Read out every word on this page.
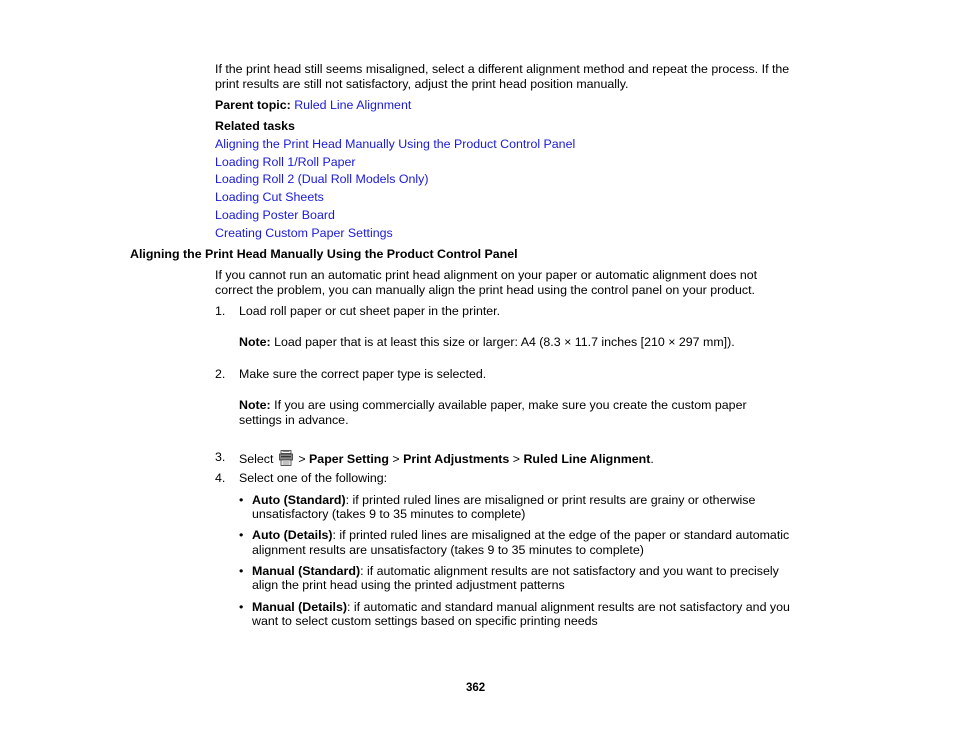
If the print head still seems misaligned, select a different alignment method and repeat the process. If the
print results are still not satisfactory, adjust the print head position manually.
Parent topic: Ruled Line Alignment
Related tasks
Aligning the Print Head Manually Using the Product Control Panel
Loading Roll 1/Roll Paper
Loading Roll 2 (Dual Roll Models Only)
Loading Cut Sheets
Loading Poster Board
Creating Custom Paper Settings
Aligning the Print Head Manually Using the Product Control Panel
If you cannot run an automatic print head alignment on your paper or automatic alignment does not
correct the problem, you can manually align the print head using the control panel on your product.
1. Load roll paper or cut sheet paper in the printer.
Note: Load paper that is at least this size or larger: A4 (8.3 × 11.7 inches [210 × 297 mm]).
2. Make sure the correct paper type is selected.
Note: If you are using commercially available paper, make sure you create the custom paper
settings in advance.
3. Select > Paper Setting > Print Adjustments > Ruled Line Alignment.
4. Select one of the following:
• Auto (Standard): if printed ruled lines are misaligned or print results are grainy or otherwise
unsatisfactory (takes 9 to 35 minutes to complete)
• Auto (Details): if printed ruled lines are misaligned at the edge of the paper or standard automatic
alignment results are unsatisfactory (takes 9 to 35 minutes to complete)
• Manual (Standard): if automatic alignment results are not satisfactory and you want to precisely
align the print head using the printed adjustment patterns
• Manual (Details): if automatic and standard manual alignment results are not satisfactory and you
want to select custom settings based on specific printing needs
362
